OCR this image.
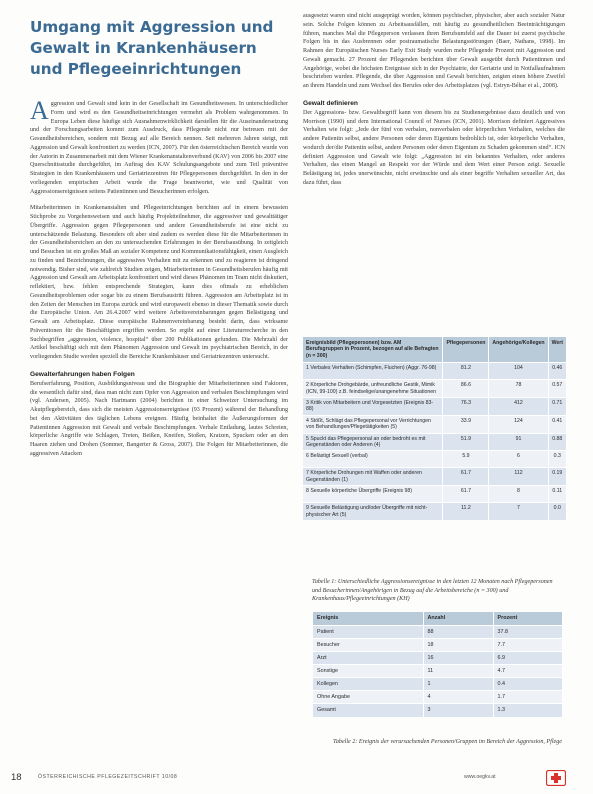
Umgang mit Aggression und Gewalt in Krankenhäusern und Pflegeeinrichtungen

Aggression und Gewalt sind kein in der Gesellschaft im Gesundheitswesen. In unterschiedlicher Form und wird es den Gesundheitseinrichtungen vermehrt als Problem wahrgenommen. In Europa Leben diese häufige sich Ausnahmenwirklichkeit darstellen für die Auseinandersetzung und der Forschungsarbeiten kommt zum Ausdruck, dass Pflegende nicht nur betreuen mit der Gesundheitsbereichen, sondern mit Bezug auf alle Bereich nennen. Seit mehreren Jahren steigt, mit Aggression und Gewalt konfrontiert zu werden (ICN, 2007). Für den österreichischen Bereich wurde von der Autorin in Zusammenarbeit mit dem Wiener Krankenanstaltenverbund (KAV) von 2006 bis 2007 eine Querschnittsstudie durchgeführt, im Auftrag des KAV Schulungsangebote und zum Teil präventive Strategien in den Krankenhäusern und Geriatriezentren für Pflegepersonen durchgeführt. In den in der vorliegenden empirischen Arbeit wurde die Frage beantwortet, wie und Qualität von Aggressionsereignissen seitens Patientinnen und Besucherinnen erfolgen.

Mitarbeiterinnen in Krankenanstalten und Pflegeeinrichtungen berichten auf in einem bewussten Stichprobe zu Vorgehensweisen und auch häufig Projektteilnehmer, die aggressiver und gewalttätiger Übergriffe. Aggression gegen Pflegepersonen und andere Gesundheitsberufe ist eine nicht zu unterschätzende Belastung. Besonders oft aber sind zudem es werden diese für die Mitarbeiterinnen in der Gesundheitsbereichen an den zu untersuchenden Erfahrungen in der Berufsausübung. In zeitgleich und Besuchen ist ein großes Maß an sozialer Kompetenz und Kommunikationsfähigkeit, einen Ausgleich zu finden und Bezeichnungen, die aggressives Verhalten mit zu erkennen und zu reagieren ist dringend notwendig. Bisher sind, wie zahlreich Studien zeigen, Mitarbeiterinnen in Gesundheitsberufen häufig mit Aggression und Gewalt am Arbeitsplatz konfrontiert und wird dieses Phänomen im Team nicht diskutiert, reflektiert, bzw. fehlen entsprechende Strategien, kann dies oftmals zu erheblichen Gesundheitsproblemen oder sogar bis zu einem Berufsaustritt führen. Aggression am Arbeitsplatz ist in den Zeiten der Menschen im Europa zurück und wird europaweit ebenso in dieser Thematik sowie durch die Europäische Union. Am 26.4.2007 wird weitere Arbeitsvereinbarungen gegen Belästigung und Gewalt am Arbeitsplatz. Diese europäische Rahmenvereinbarung besteht darin, dass wirksame Präventionen für die Beschäftigten ergriffen werden. So ergibt auf einer Literaturrecherche in den Suchbegriffen „aggression, violence, hospital“ über 200 Publikationen gefunden. Die Mehrzahl der Artikel beschäftigt sich mit dem Phänomen Aggression und Gewalt im psychiatrischen Bereich, in der vorliegenden Studie werden speziell die Bereiche Krankenhäuser und Geriatriezentren untersucht.

Gewalterfahrungen haben Folgen

Berufserfahrung, Position, Ausbildungsniveau und die Biographie der Mitarbeiterinnen sind Faktoren, die wesentlich dafür sind, dass man nicht zum Opfer von Aggression und verbalen Beschimpfungen wird (vgl. Andersen, 2005). Nach Hartmann (2004) berichten in einer Schweizer Untersuchung im Akutpflegebereich, dass sich die meisten Aggressionsereignisse (93 Prozent) während der Behandlung bei den Aktivitäten des täglichen Lebens ereignen. Häufig beinhaltet die Äußerungsformen der Patientinnen Aggression mit Gewalt und verbale Beschimpfungen. Verbale Entladung, lautes Schreien, körperliche Angriffe wie Schlagen, Treten, Beißen, Kneifen, Stoßen, Kratzen, Spucken oder an den Haaren ziehen und Drohen (Sommer, Bangerter & Gross, 2007). Die Folgen für Mitarbeiterinnen, die aggressiven Attacken

ausgesetzt waren sind nicht ausgeprägt worden, können psychischer, physischer, aber auch sozialer Natur sein. Solche Folgen können zu Arbeitsausfällen, mit häufig zu gesundheitlichen Beeinträchtigungen führen, manches Mal die Pflegeperson verlassen ihren Berufsumfeld auf die Dauer ist zuerst psychische Folgen bis in das Ausbrennen oder postraumatische Belastungsstörungen (Baer, Nathans, 1998). Im Rahmen der Europäischen Nurses Early Exit Study wurden mehr Pflegende Prozent mit Aggression und Gewalt gemacht. 27 Prozent der Pflegenden berichten über Gewalt ausgeübt durch Patientinnen und Angehörige, wobei die höchsten Ereignisse sich in der Psychiatrie, der Geriatrie und in Notfallaufnahmen beschrieben wurden. Pflegende, die über Aggression und Gewalt berichten, zeigten einen höhere Zweifel an ihrem Handeln und zum Wechsel des Berufes oder des Arbeitsplatzes (vgl. Estryn-Béhar et al., 2008).

Gewalt definieren

Der Aggressions- bzw. Gewaltbegriff kann von diesem bis zu Studienergebnisse dazu deutlich und von Morrison (1990) und dem International Council of Nurses (ICN, 2001). Morrison definiert Aggressives Verhalten wie folgt: „Jede der fünf von verbalen, nonverbalen oder körperlichen Verhalten, welches die andere Patientin selbst, andere Personen oder deren Eigentum bedrohlich ist, oder körperliche Verhalten, wodurch der/die Patientin selbst, andere Personen oder deren Eigentum zu Schaden gekommen sind“. ICN definiert Aggression und Gewalt wie folgt: „Aggression ist ein bekanntes Verhalten, oder anderes Verhalten, das einen Mangel an Respekt vor der Würde und dem Wert einer Person zeigt. Sexuelle Belästigung ist, jedes unerwünschte, nicht erwünschte und als einer begriffe Verhalten sexueller Art, das dazu führt, dass

Ereignisbild (Pflegepersonen) bzw. AM Berufsgruppen in Prozent, bezogen auf alle Befragten (n = 300)	Pflegepersonen	Angehörige/Kollegen	Wert
1 Verbales Verhalten (Schimpfen, Fluchen) (Aggr. 76-98)	81.2	104	0.46
2 Körperliche Drohgebärde, unfreundliche Gestik, Mimik (ICN, 99-100) z.B. feindselige/unangenehme Situationen	86.6	78	0.57
3 Kritik von Mitarbeitern und Vorgesetzten (Ereignis 83-88)	76.3	412	0.71
4 Stößt, Schlägt das Pflegepersonal vor Verrichtungen von Behandlungen/Pflegetätigkeiten (5)	33.9	124	0.41
5 Spuckt das Pflegepersonal an oder bedroht es mit Gegenständen oder Anderen (4)	51.9	91	0.88
6 Belästigt Sexuell (verbal)	5.9	6	0.3
7 Körperliche Drohungen mit Waffen oder anderen Gegenständen (1)	61.7	112	0.19
8 Sexuelle körperliche Übergriffe (Ereignis 98)	61.7	8	0.11
9 Sexuelle Belästigung und/oder Übergriffe mit nicht-physischer Art (5)	11.2	7	0.0
Tabelle 1: Unterschiedliche Aggressionsereignisse in den letzten 12 Monaten nach Pflegepersonen und Besucherinnen/Angehörigen in Bezug auf die Arbeitsbereiche (n = 300) und Krankenhaus/Pflegeeinrichtungen (KH)
Ereignis	Anzahl	Prozent
Patient	88	37.8
Besucher	18	7.7
Arzt	16	6.9
Sonstige	11	4.7
Kollegen	1	0.4
Ohne Angabe	4	1.7
Gesamt	3	1.3
Tabelle 2: Ereignis der verursachenden Personen/Gruppen im Bereich der Aggression, Pflege
18	ÖSTERREICHISCHE PFLEGEZEITSCHRIFT 10/08	www.oegkv.at
